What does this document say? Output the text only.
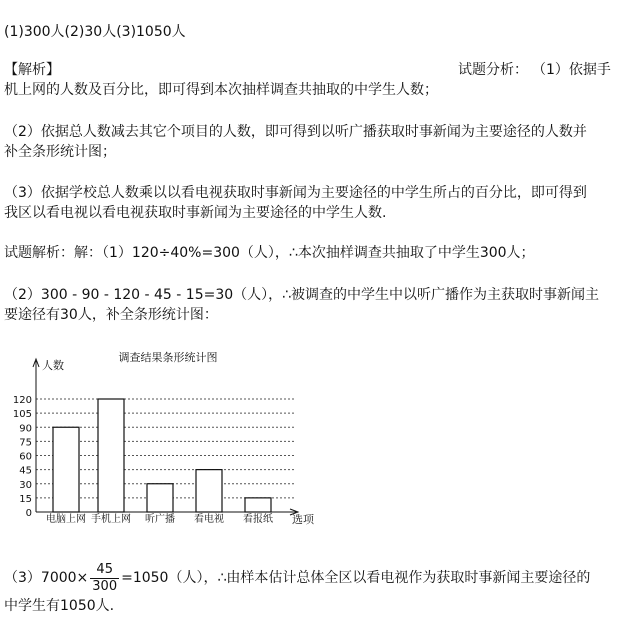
(1)300人(2)30人(3)1050人
【解析】	试题分析： （1）依据手
机上网的人数及百分比，即可得到本次抽样调查共抽取的中学生人数；
（2）依据总人数减去其它个项目的人数，即可得到以听广播获取时事新闻为主要途径的人数并
补全条形统计图；
（3）依据学校总人数乘以以看电视获取时事新闻为主要途径的中学生所占的百分比，即可得到
我区以看电视以看电视获取时事新闻为主要途径的中学生人数.
试题解析：解：（1）120÷40%=300（人），∴本次抽样调查共抽取了中学生300人；
（2）300 - 90 - 120 - 45 - 15=30（人），∴被调查的中学生中以听广播作为主获取时事新闻主
要途径有30人，补全条形统计图：
调查结果条形统计图
人数
0
15
30
45
60
75
90
105
120
选项
电脑上网 手机上网 听广播 看电视 看报纸
$(3)7000\times \frac{45}{300} =1050$（人），∴由样本估计总体全区以看电视作为获取时事新闻主要途径的
中学生有1050人.
